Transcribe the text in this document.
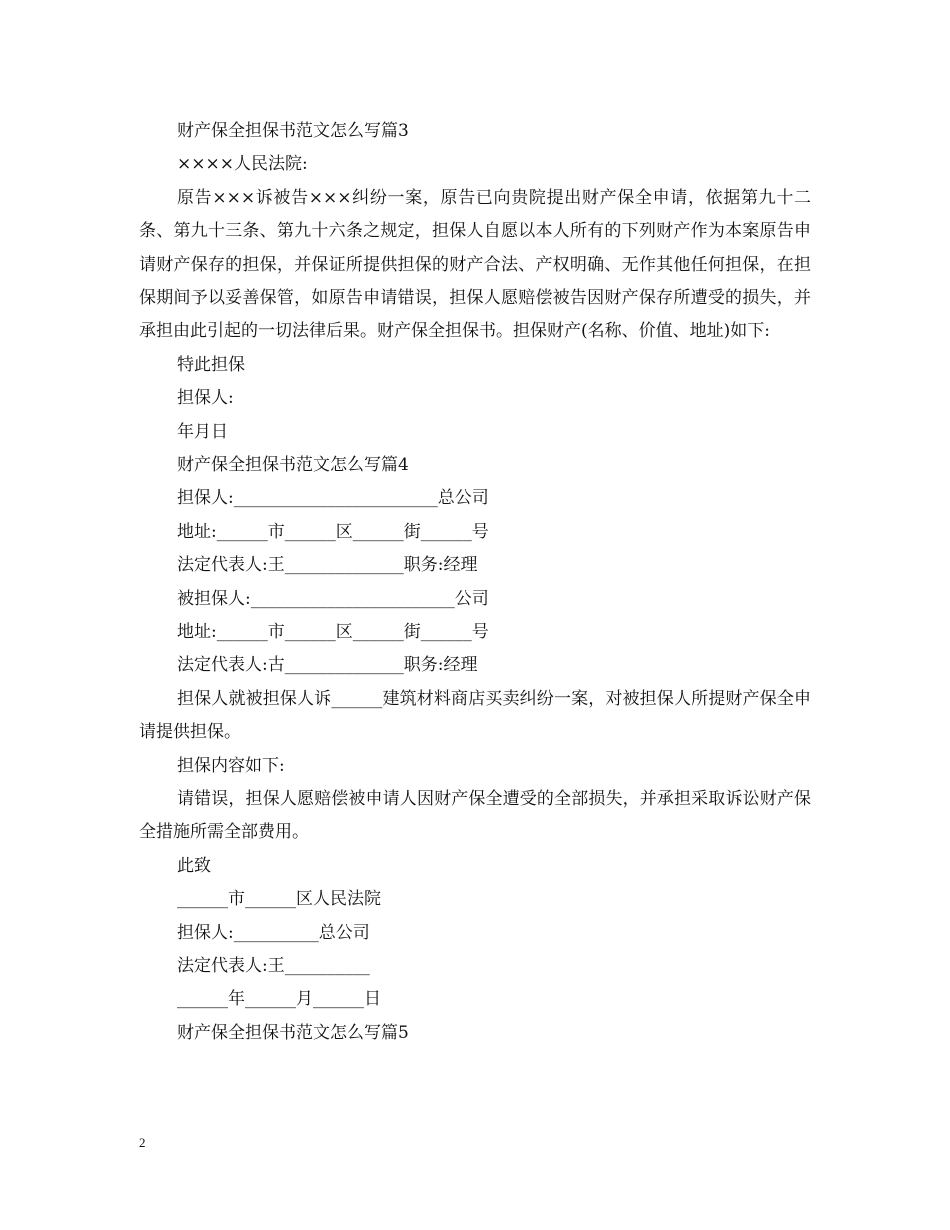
财产保全担保书范文怎么写篇3

××××人民法院:

原告×××诉被告×××纠纷一案，原告已向贵院提出财产保全申请，依据第九十二条、第九十三条、第九十六条之规定，担保人自愿以本人所有的下列财产作为本案原告申请财产保存的担保，并保证所提供担保的财产合法、产权明确、无作其他任何担保，在担保期间予以妥善保管，如原告申请错误，担保人愿赔偿被告因财产保存所遭受的损失，并承担由此引起的一切法律后果。财产保全担保书。担保财产(名称、价值、地址)如下:

特此担保

担保人:

年月日

财产保全担保书范文怎么写篇4

担保人:________________________总公司

地址:______市______区______街______号

法定代表人:王______________职务:经理

被担保人:________________________公司

地址:______市______区______街______号

法定代表人:古______________职务:经理

担保人就被担保人诉______建筑材料商店买卖纠纷一案，对被担保人所提财产保全申请提供担保。

担保内容如下:

请错误，担保人愿赔偿被申请人因财产保全遭受的全部损失，并承担采取诉讼财产保全措施所需全部费用。

此致

______市______区人民法院

担保人:__________总公司

法定代表人:王__________

______年______月______日

财产保全担保书范文怎么写篇5

2
